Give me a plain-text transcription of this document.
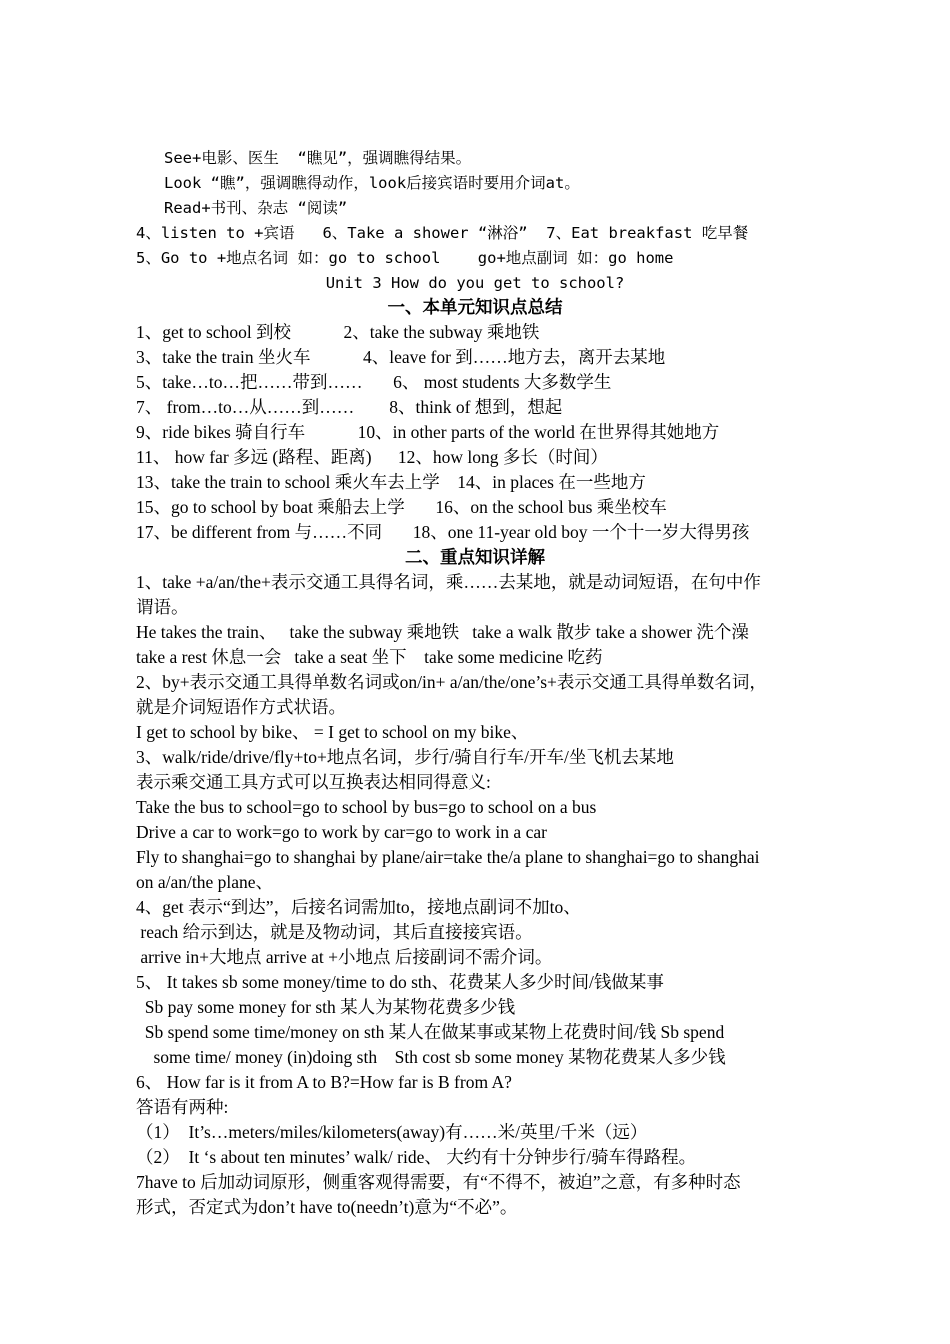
See+电影、医生  “瞧见”，强调瞧得结果。
Look “瞧”，强调瞧得动作，look后接宾语时要用介词at。
Read+书刊、杂志 “阅读”
4、listen to +宾语   6、Take a shower “淋浴”  7、Eat breakfast 吃早餐
5、Go to +地点名词 如：go to school    go+地点副词 如：go home
Unit 3 How do you get to school?
一、本单元知识点总结
1、get to school 到校            2、take the subway 乘地铁
3、take the train 坐火车            4、leave for 到……地方去，离开去某地
5、take…to…把……带到……       6、 most students 大多数学生
7、 from…to…从……到……        8、think of 想到，想起
9、ride bikes 骑自行车            10、in other parts of the world 在世界得其她地方
11、 how far 多远 (路程、距离)      12、how long 多长（时间）
13、take the train to school 乘火车去上学    14、in places 在一些地方
15、go to school by boat 乘船去上学       16、on the school bus 乘坐校车
17、be different from 与……不同       18、one 11-year old boy 一个十一岁大得男孩
二、重点知识详解
1、take +a/an/the+表示交通工具得名词，乘……去某地，就是动词短语，在句中作
谓语。
He takes the train、   take the subway 乘地铁   take a walk 散步 take a shower 洗个澡
take a rest 休息一会   take a seat 坐下    take some medicine 吃药
2、by+表示交通工具得单数名词或on/in+ a/an/the/one’s+表示交通工具得单数名词，
就是介词短语作方式状语。
I get to school by bike、 = I get to school on my bike、
3、walk/ride/drive/fly+to+地点名词，步行/骑自行车/开车/坐飞机去某地
表示乘交通工具方式可以互换表达相同得意义:
Take the bus to school=go to school by bus=go to school on a bus
Drive a car to work=go to work by car=go to work in a car
Fly to shanghai=go to shanghai by plane/air=take the/a plane to shanghai=go to shanghai
on a/an/the plane、
4、get 表示“到达”，后接名词需加to，接地点副词不加to、
reach 给示到达，就是及物动词，其后直接接宾语。
arrive in+大地点 arrive at +小地点 后接副词不需介词。
5、 It takes sb some money/time to do sth、花费某人多少时间/钱做某事
Sb pay some money for sth 某人为某物花费多少钱
Sb spend some time/money on sth 某人在做某事或某物上花费时间/钱 Sb spend
some time/ money (in)doing sth    Sth cost sb some money 某物花费某人多少钱
6、 How far is it from A to B?=How far is B from A?
答语有两种:
（1）  It’s…meters/miles/kilometers(away)有……米/英里/千米（远）
（2）  It ‘s about ten minutes’ walk/ ride、 大约有十分钟步行/骑车得路程。
7have to 后加动词原形，侧重客观得需要，有“不得不，被迫”之意，有多种时态
形式，否定式为don’t have to(needn’t)意为“不必”。
